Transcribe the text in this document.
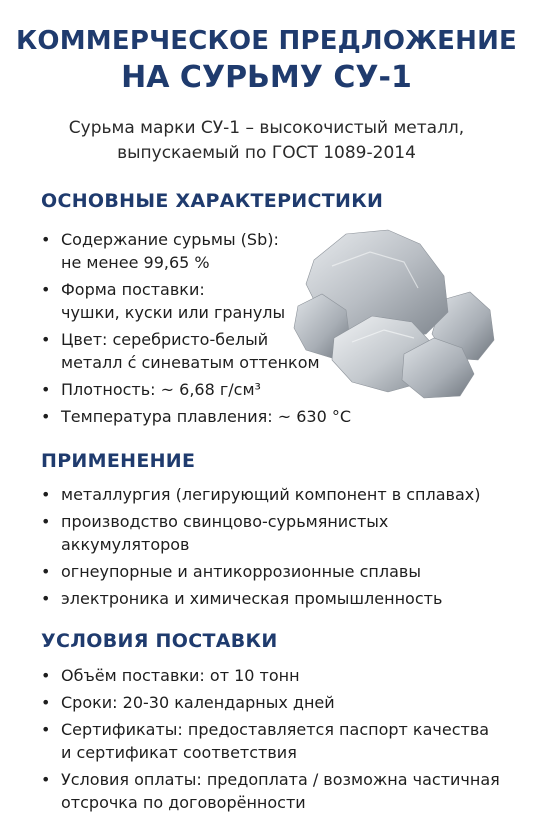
КОММЕРЧЕСКОЕ ПРЕДЛОЖЕНИЕ
НА СУРЬМУ СУ-1
Сурьма марки СУ-1 – высокочистый металл,
выпускаемый по ГОСТ 1089-2014
ОСНОВНЫЕ ХАРАКТЕРИСТИКИ
• Содержание сурьмы (Sb):
не менее 99,65 %
• Форма поставки:
чушки, куски или гранулы
• Цвет: серебристо-белый
металл ć синеватым оттенком
• Плотность: ~ 6,68 г/см³
• Температура плавления: ~ 630 °С
ПРИМЕНЕНИЕ
• металлургия (легирующий компонент в сплавах)
• производство свинцово-сурьмянистых
аккумуляторов
• огнеупорные и антикоррозионные сплавы
• электроника и химическая промышленность
УСЛОВИЯ ПОСТАВКИ
• Объём поставки: от 10 тонн
• Сроки: 20-30 календарных дней
• Сертификаты: предоставляется паспорт качества
и сертификат соответствия
• Условия оплаты: предоплата / возможна частичная
отсрочка по договорённости
